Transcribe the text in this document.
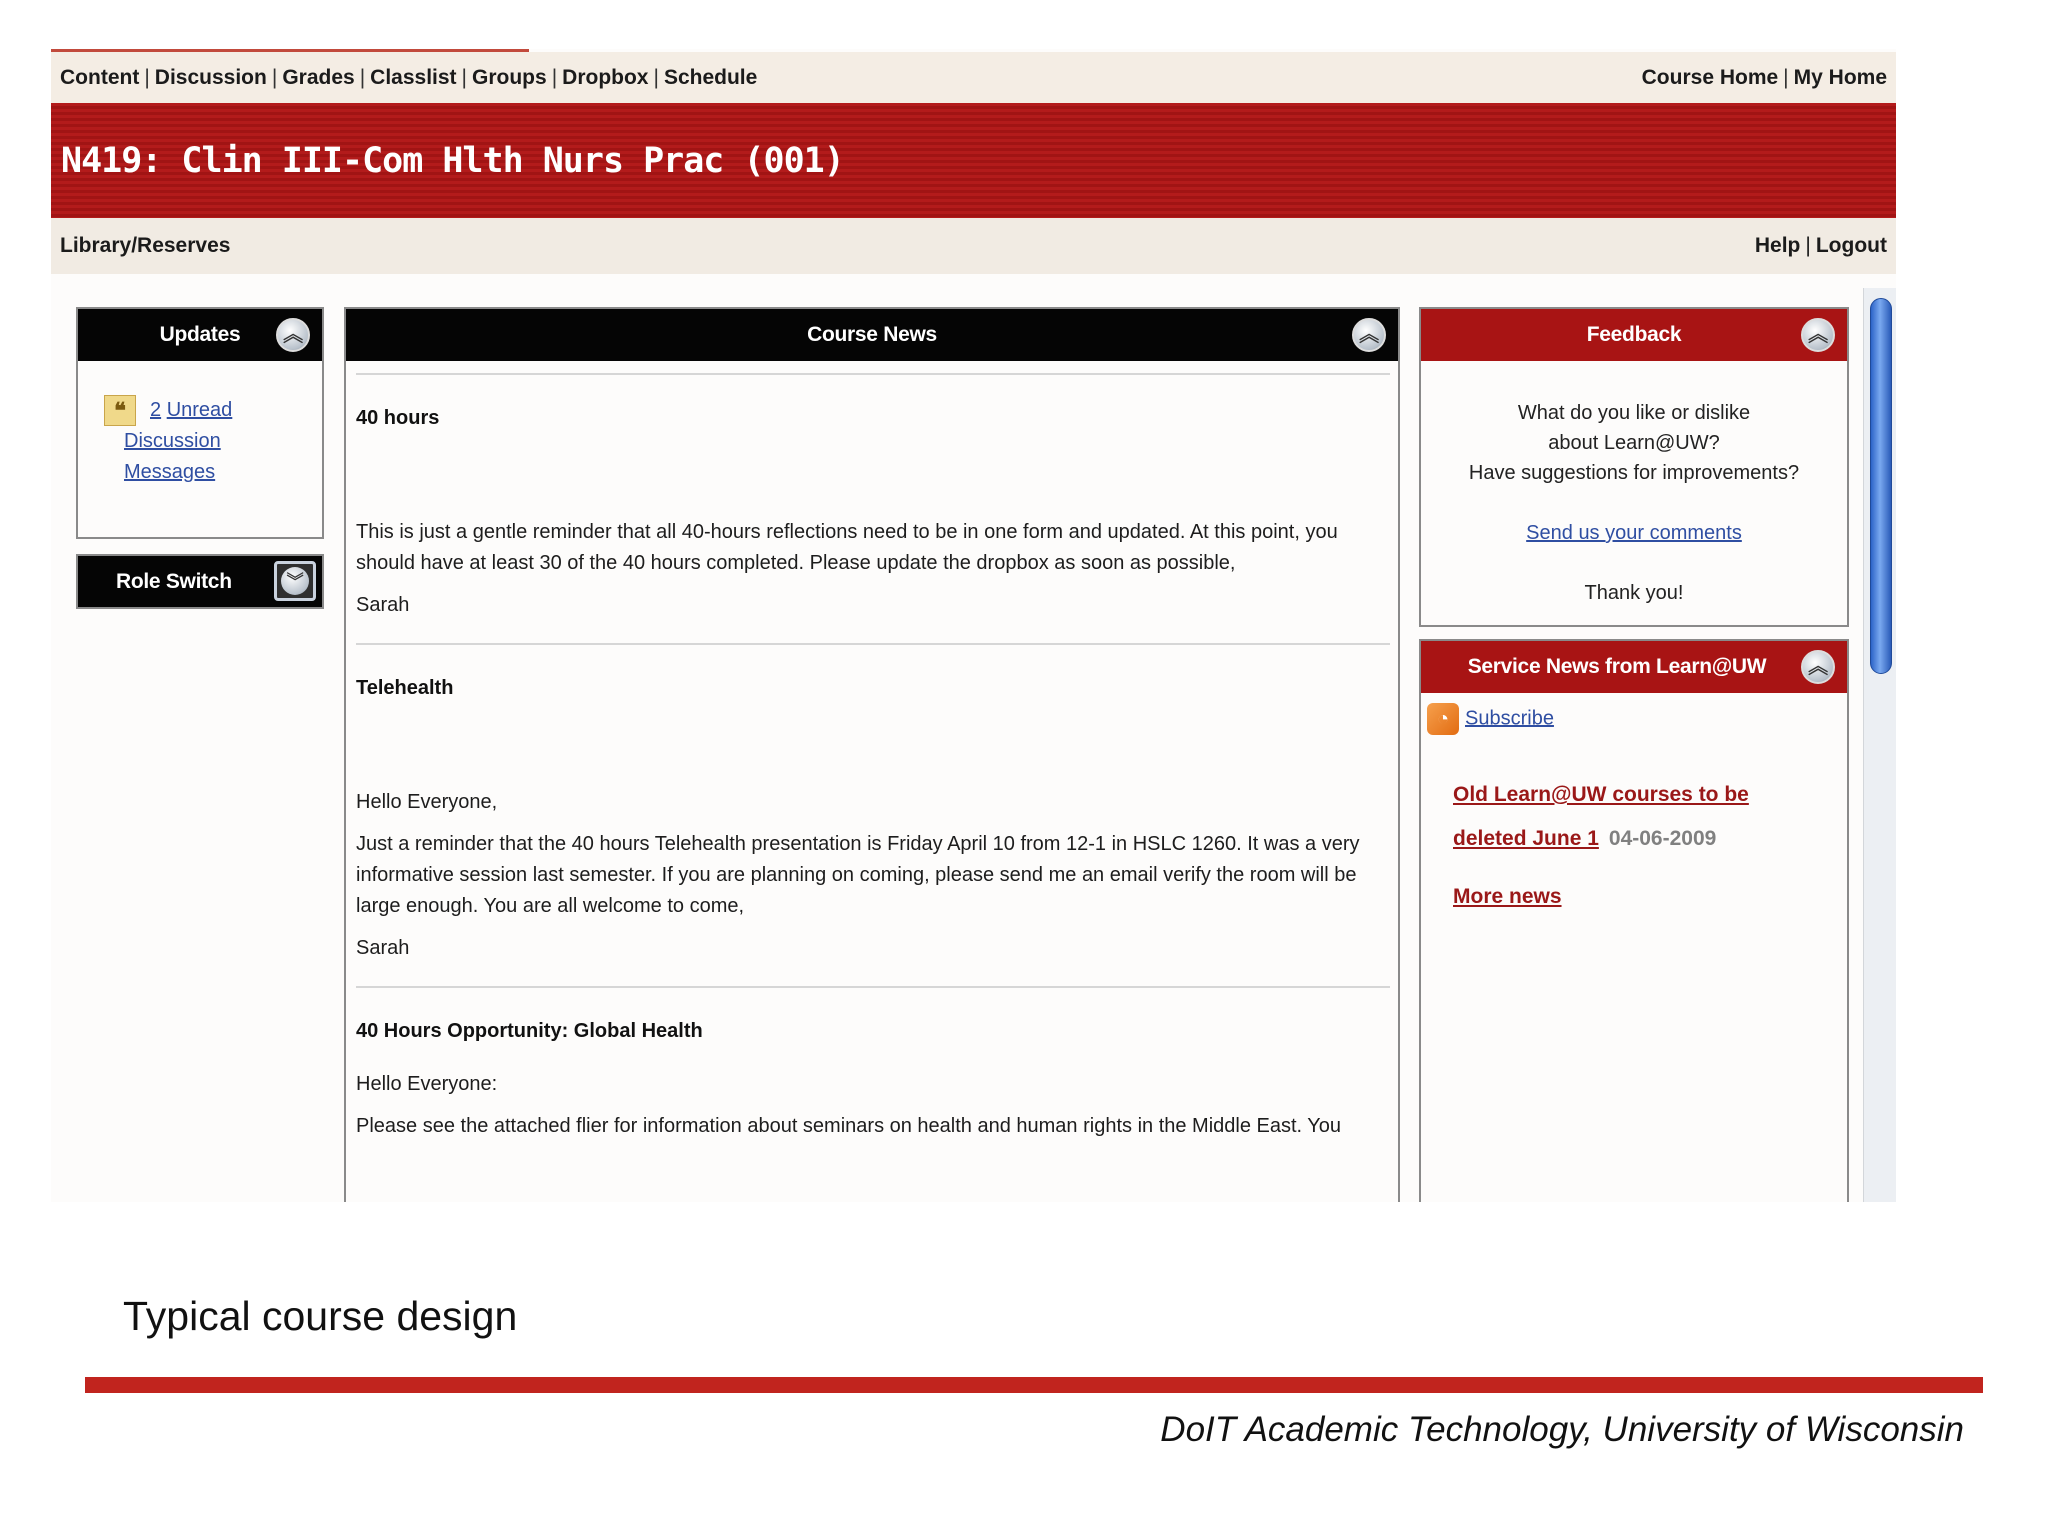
Content | Discussion | Grades | Classlist | Groups | Dropbox | Schedule	Course Home | My Home
N419: Clin III-Com Hlth Nurs Prac (001)
Library/Reserves	Help | Logout
Updates	︽
❝ 2 Unread
Discussion
Messages
Role Switch	︾
Course News	︽
40 hours

This is just a gentle reminder that all 40-hours reflections need to be in one form and updated. At this point, you should have at least 30 of the 40 hours completed. Please update the dropbox as soon as possible,

Sarah

Telehealth

Hello Everyone,

Just a reminder that the 40 hours Telehealth presentation is Friday April 10 from 12-1 in HSLC 1260. It was a very informative session last semester. If you are planning on coming, please send me an email verify the room will be large enough. You are all welcome to come,

Sarah

40 Hours Opportunity: Global Health

Hello Everyone:

Please see the attached flier for information about seminars on health and human rights in the Middle East. You

Feedback	︽
What do you like or dislike about Learn@UW?
Have suggestions for improvements?
Send us your comments
Thank you!
Service News from Learn@UW	︽
◔ Subscribe
Old Learn@UW courses to be deleted June 1 04-06-2009
More news
Typical course design
DoIT Academic Technology, University of Wisconsin
